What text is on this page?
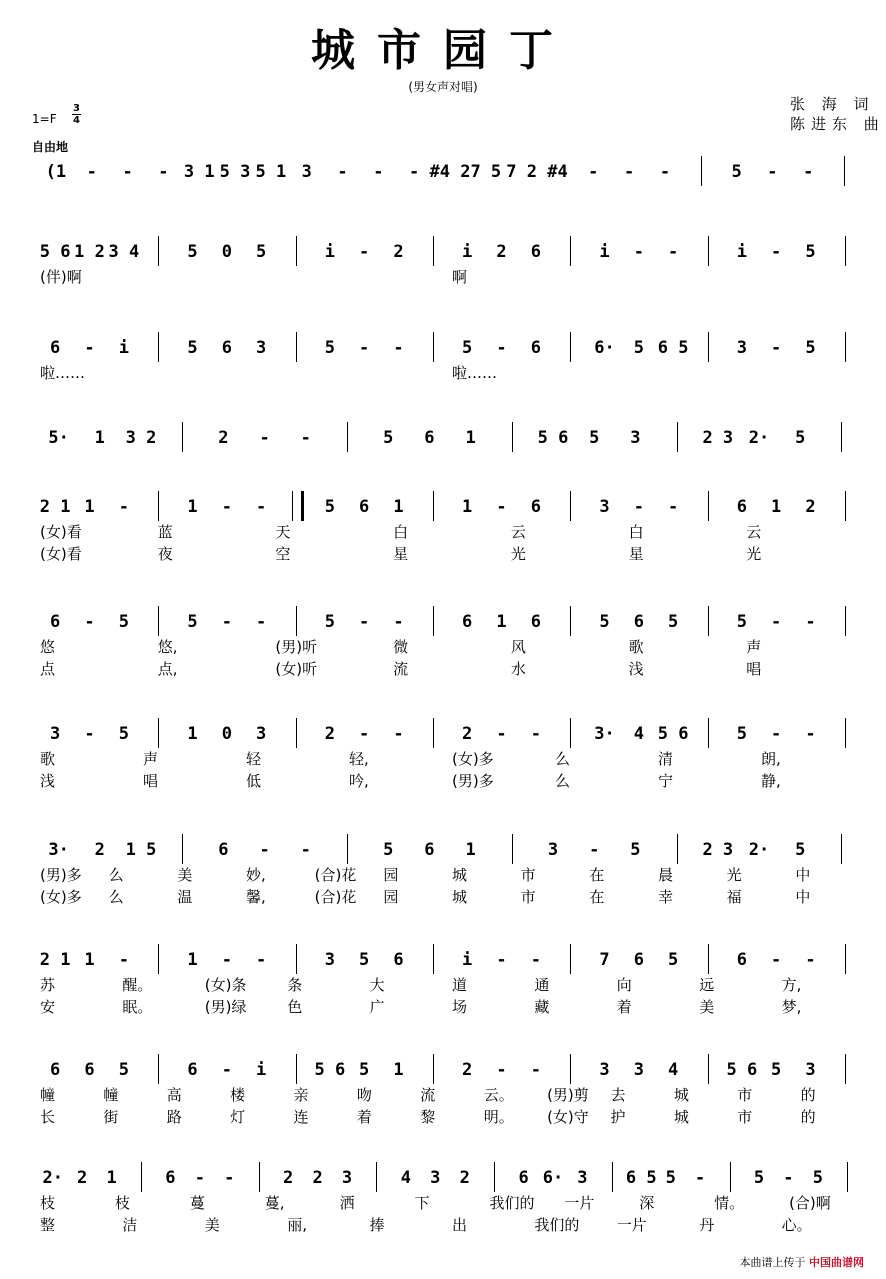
城市园丁
(男女声对唱)
张 海 词
陈进东 曲
1=F
3
4
自由地
(1	-	-	- 3 1 5 3 5 1 3	-	-	- #4 2 7 5 7 2 #4	-	-	-	5	-	-
5 6 1 2 3 4	5	0	5	i	-	2	i	2	6	i	-	-	i	-	5
(伴)啊	啊
6	-	i	5	6	3	5	-	-	5	-	6	6·	5 6 5	3	-	5
啦……	啦……
5·	1	3 2	2	-	-	5	6	1	5 6	5	3	2 3 2·	5
2 1 1	-	1	-	-	5	6	1	1	-	6	3	-	-	6	1	2
(女)看	蓝	天	白	云	白	云
(女)看	夜	空	星	光	星	光
6	-	5	5	-	-	5	-	-	6	1	6	5	6	5	5	-	-
悠	悠,	(男)听	微	风	歌	声
点	点,	(女)听	流	水	浅	唱
3	-	5	1	0	3	2	-	-	2	-	-	3·	4 5 6	5	-	-
歌	声	轻	轻,	(女)多	么	清	朗,
浅	唱	低	吟,	(男)多	么	宁	静,
3·	2	1 5	6	-	-	5	6	1	3	-	5	2 3 2·	5
(男)多 么	美	妙,	(合)花 园	城	市	在	晨	光	中
(女)多 么	温	馨,	(合)花 园	城	市	在	幸	福	中
2 1 1	-	1	-	-	3	5	6	i	-	-	7	6	5	6	-	-
苏	醒。	(女)条	条	大	道	通	向	远	方,
安	眠。	(男)绿	色	广	场	藏	着	美	梦,
6	6	5	6	-	i	5 6 5	1	2	-	-	3	3	4	5 6 5	3
幢	幢	高	楼	亲	吻	流	云。 (男)剪 去	城	市	的
长	街	路	灯	连	着	黎	明。 (女)守 护	城	市	的
2· 2	1	6	-	-	2	2	3	4	3	2	6 6· 3	6 5 5	-	5	-	5
枝	枝	蔓	蔓,	洒	下	我们的 一片	深	情。	(合)啊
整	洁	美	丽,	捧	出	我们的 一片	丹	心。
本曲谱上传于 中国曲谱网
